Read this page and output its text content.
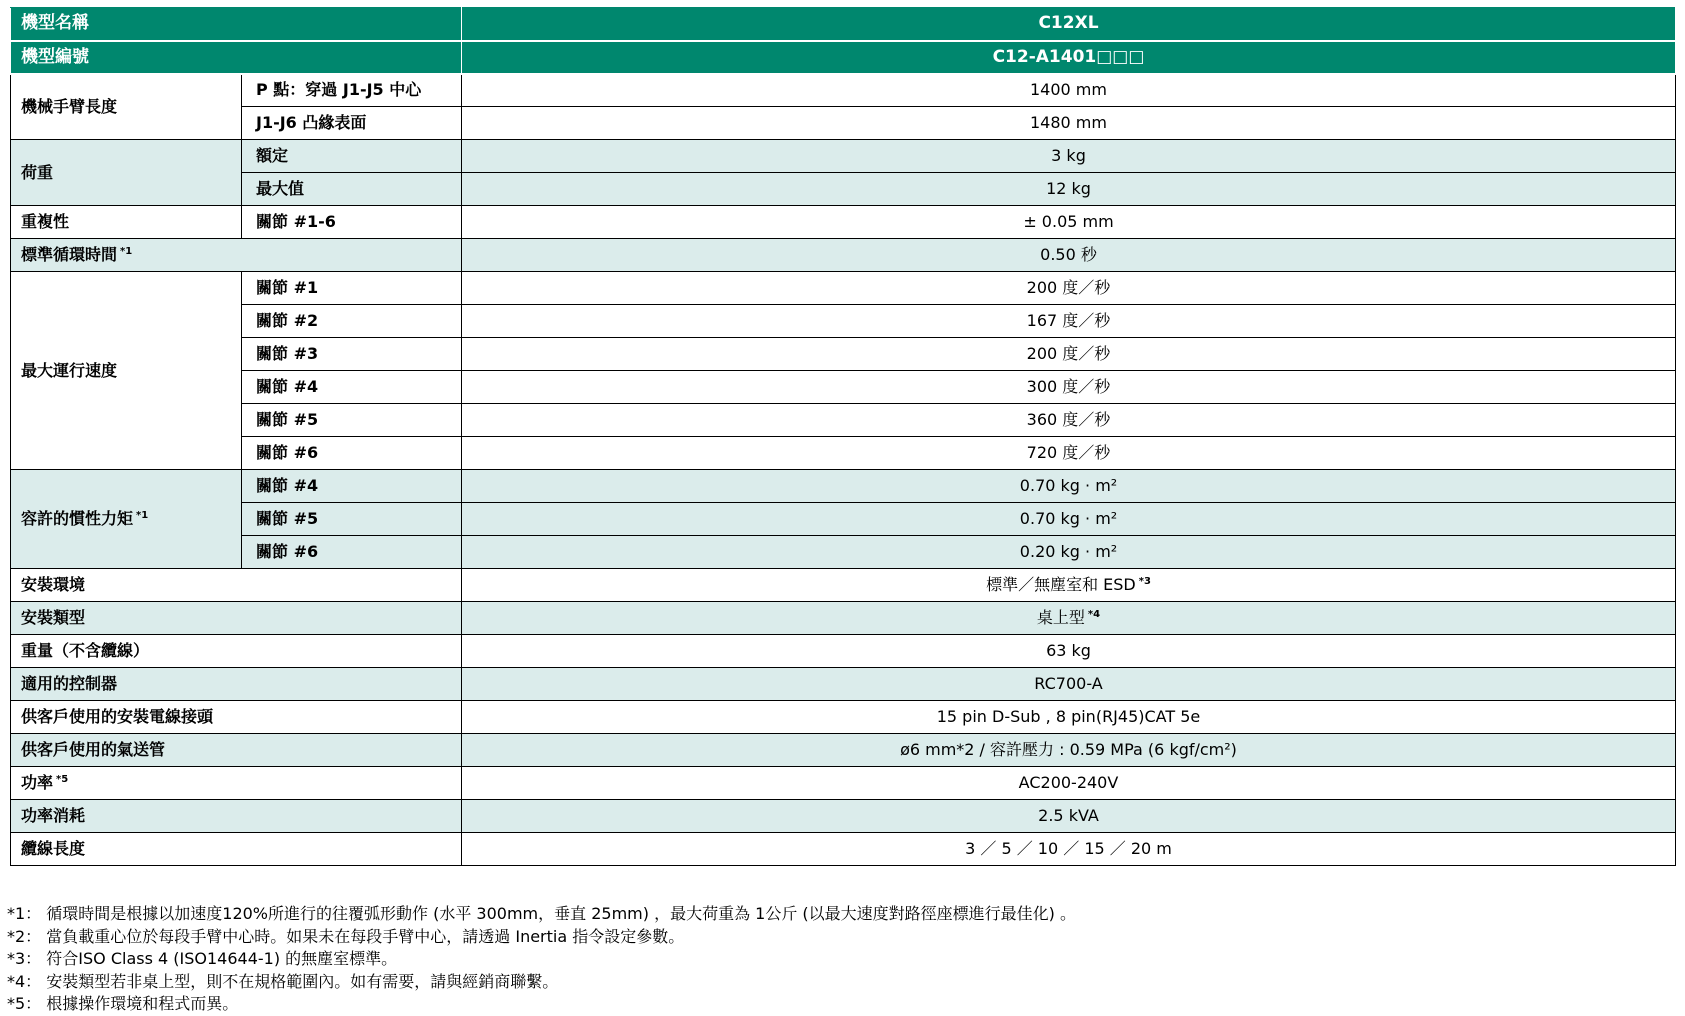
機型名稱		C12XL
機型編號		C12-A1401□□□
機械手臂長度	P 點：穿過 J1-J5 中心	1400 mm
	J1-J6 凸緣表面	1480 mm
荷重	額定	3 kg
	最大值	12 kg
重複性	關節 #1-6	± 0.05 mm
標準循環時間 $^{*1}$		0.50 秒
最大運行速度	關節 #1	200 度／秒
	關節 #2	167 度／秒
	關節 #3	200 度／秒
	關節 #4	300 度／秒
	關節 #5	360 度／秒
	關節 #6	720 度／秒
容許的慣性力矩 $^{*1}$	關節 #4	0.70 kg · m²
	關節 #5	0.70 kg · m²
	關節 #6	0.20 kg · m²
安裝環境		標準／無塵室和 ESD $^{*3}$
安裝類型		桌上型 $^{*4}$
重量（不含纜線）		63 kg
適用的控制器		RC700-A
供客戶使用的安裝電線接頭		15 pin D-Sub , 8 pin(RJ45)CAT 5e
供客戶使用的氣送管		ø6 mm*2 / 容許壓力 : 0.59 MPa (6 kgf/cm²)
功率 $^{*5}$		AC200-240V
功率消耗		2.5 kVA
纜線長度		3 ／ 5 ／ 10 ／ 15 ／ 20 m
*1： 循環時間是根據以加速度120%所進行的往覆弧形動作 (水平 300mm，垂直 25mm) ，最大荷重為 1公斤 (以最大速度對路徑座標進行最佳化) 。
*2： 當負載重心位於每段手臂中心時。如果未在每段手臂中心，請透過 Inertia 指令設定參數。
*3： 符合ISO Class 4 (ISO14644-1) 的無塵室標準。
*4： 安裝類型若非桌上型，則不在規格範圍內。如有需要，請與經銷商聯繫。
*5： 根據操作環境和程式而異。
